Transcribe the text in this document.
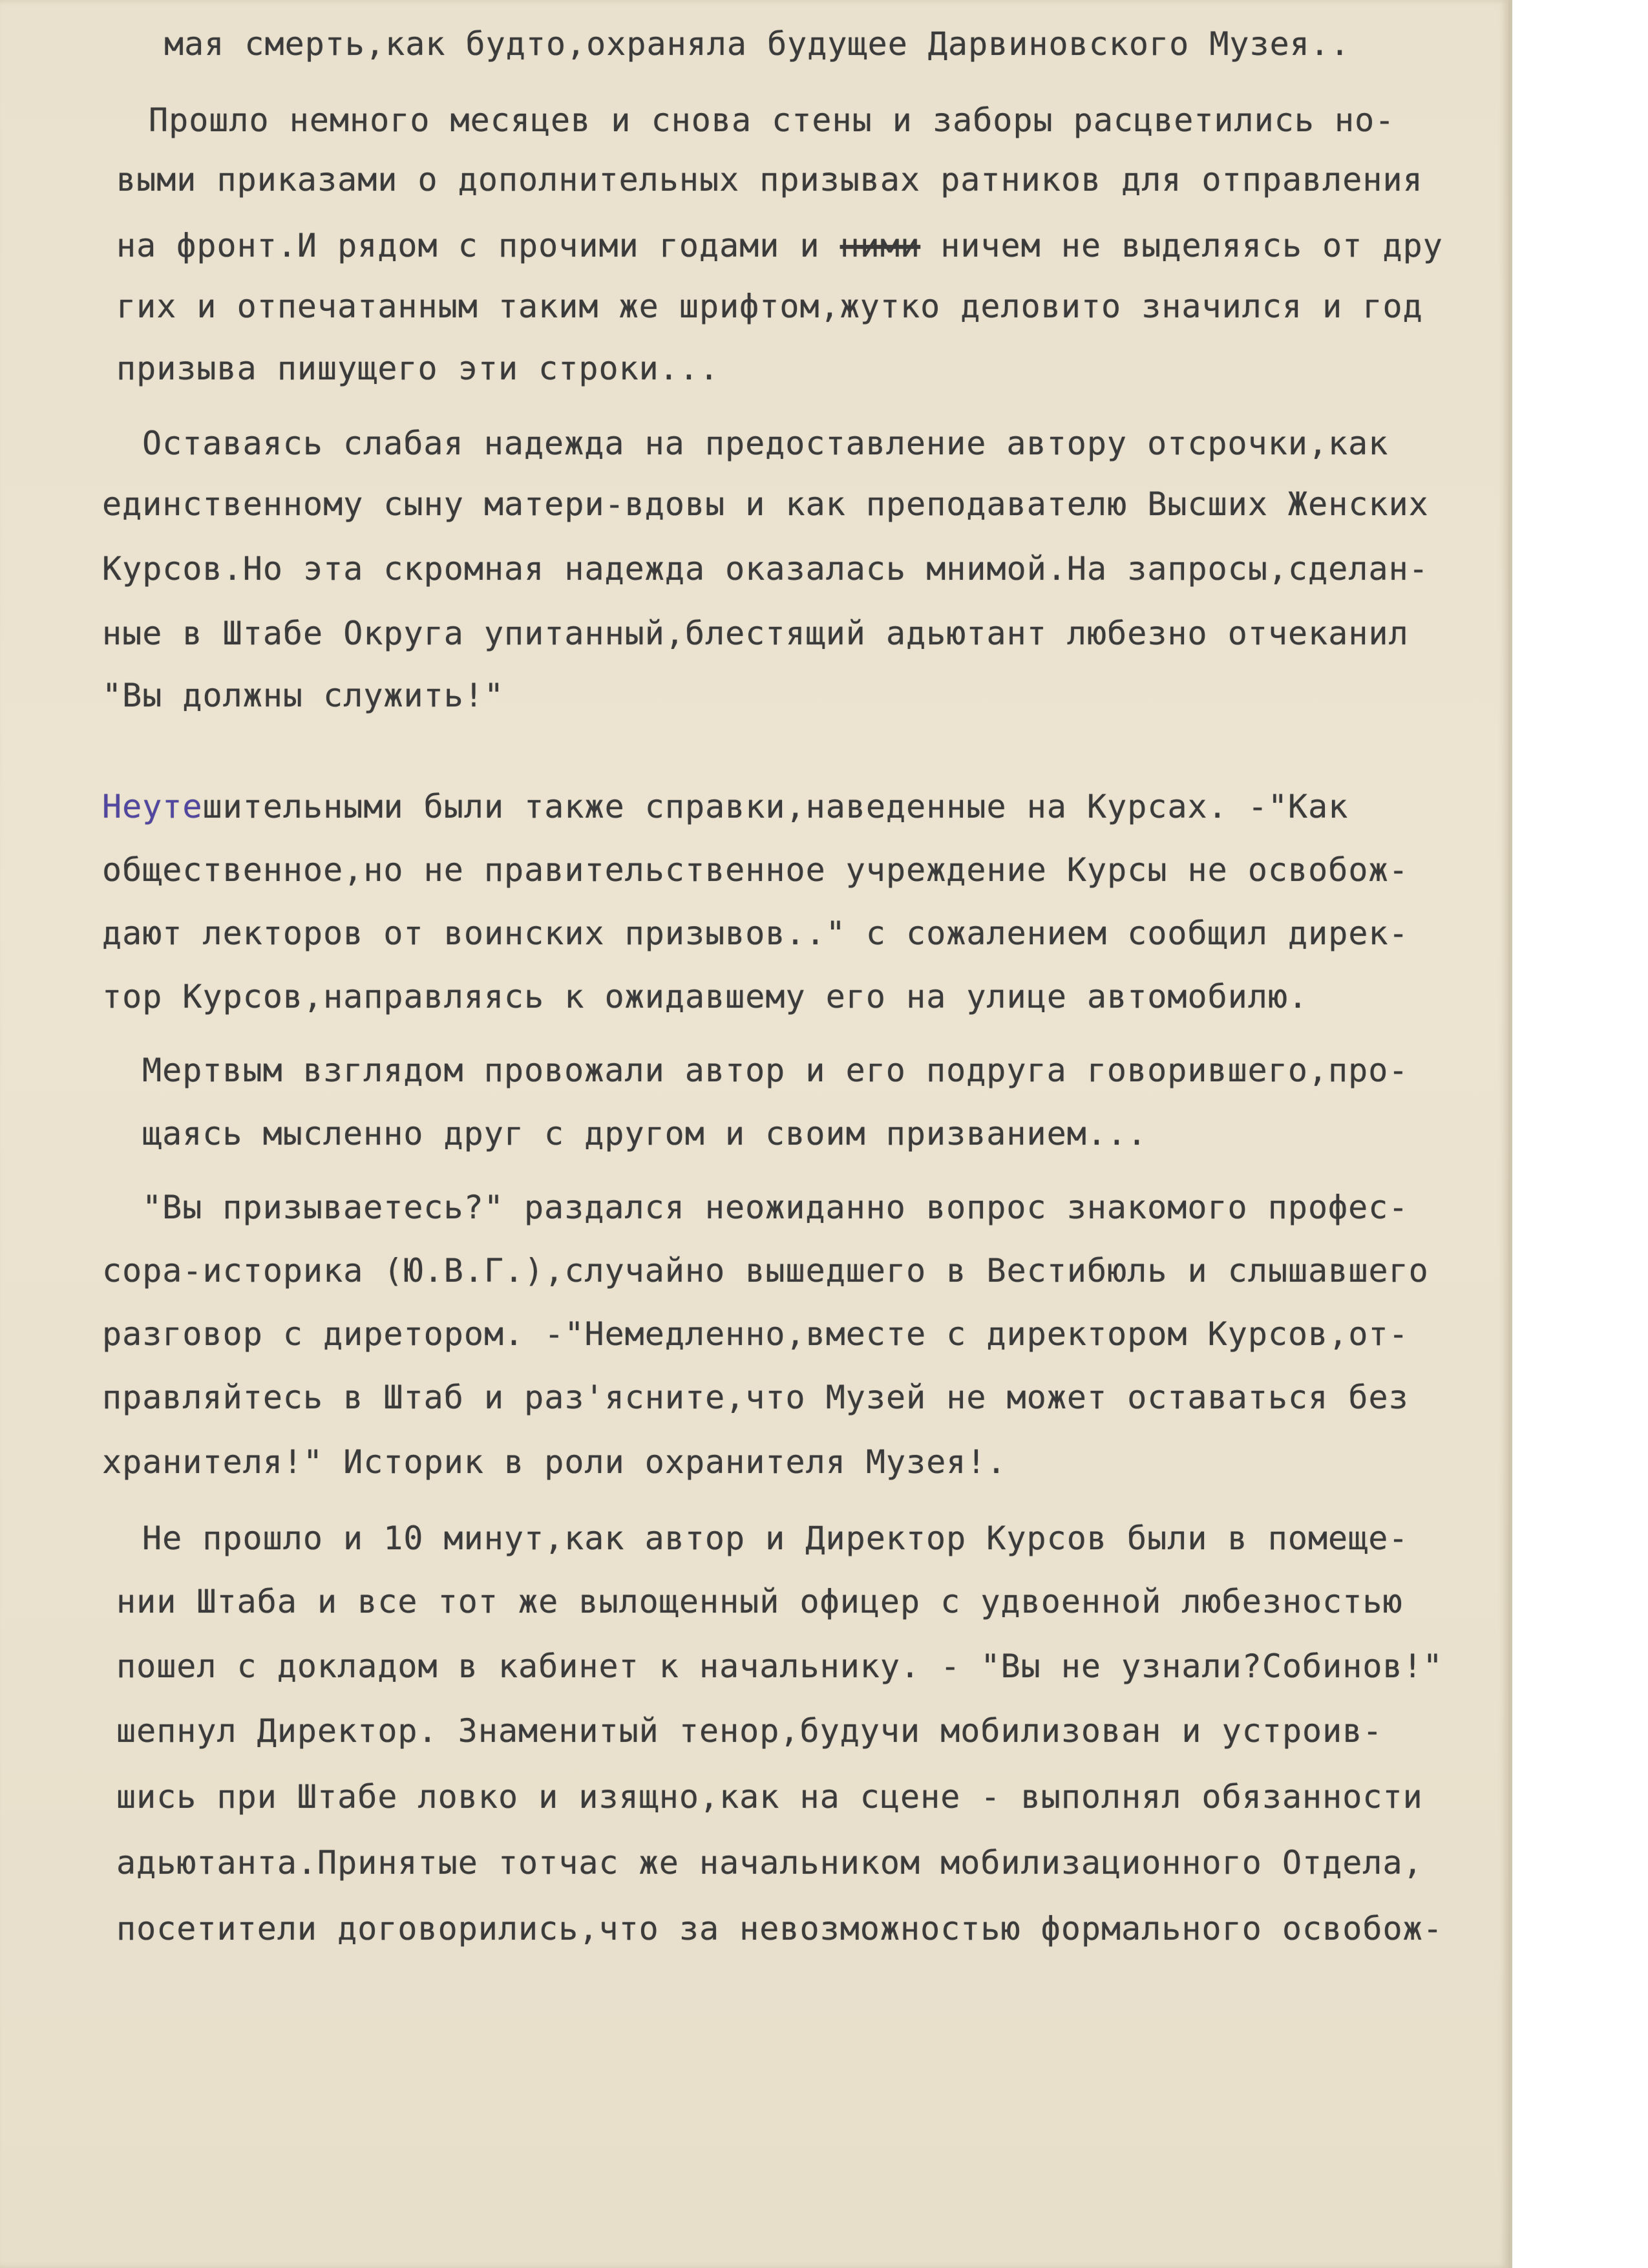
мая смерть,как будто,охраняла будущее Дарвиновского Музея..
Прошло немного месяцев и снова стены и заборы расцветились но-
выми приказами о дополнительных призывах ратников для отправления
на фронт.И рядом с прочими годами и ними ничем не выделяясь от дру
гих и отпечатанным таким же шрифтом,жутко деловито значился и год
призыва пишущего эти строки...
Оставаясь слабая надежда на предоставление автору отсрочки,как
единственному сыну матери-вдовы и как преподавателю Высших Женских
Курсов.Но эта скромная надежда оказалась мнимой.На запросы,сделан-
ные в Штабе Округа упитанный,блестящий адьютант любезно отчеканил
"Вы должны служить!"
Неутешительными были также справки,наведенные на Курсах. -"Как
общественное,но не правительственное учреждение Курсы не освобож-
дают лекторов от воинских призывов.." с сожалением сообщил дирек-
тор Курсов,направляясь к ожидавшему его на улице автомобилю.
Мертвым взглядом провожали автор и его подруга говорившего,про-
щаясь мысленно друг с другом и своим призванием...
"Вы призываетесь?" раздался неожиданно вопрос знакомого профес-
сора-историка (Ю.В.Г.),случайно вышедшего в Вестибюль и слышавшего
разговор с диретором. -"Немедленно,вместе с директором Курсов,от-
правляйтесь в Штаб и раз'ясните,что Музей не может оставаться без
хранителя!" Историк в роли охранителя Музея!.
Не прошло и 10 минут,как автор и Директор Курсов были в помеще-
нии Штаба и все тот же вылощенный офицер с удвоенной любезностью
пошел с докладом в кабинет к начальнику. - "Вы не узнали?Собинов!"
шепнул Директор. Знаменитый тенор,будучи мобилизован и устроив-
шись при Штабе ловко и изящно,как на сцене - выполнял обязанности
адьютанта.Принятые тотчас же начальником мобилизационного Отдела,
посетители договорились,что за невозможностью формального освобож-
